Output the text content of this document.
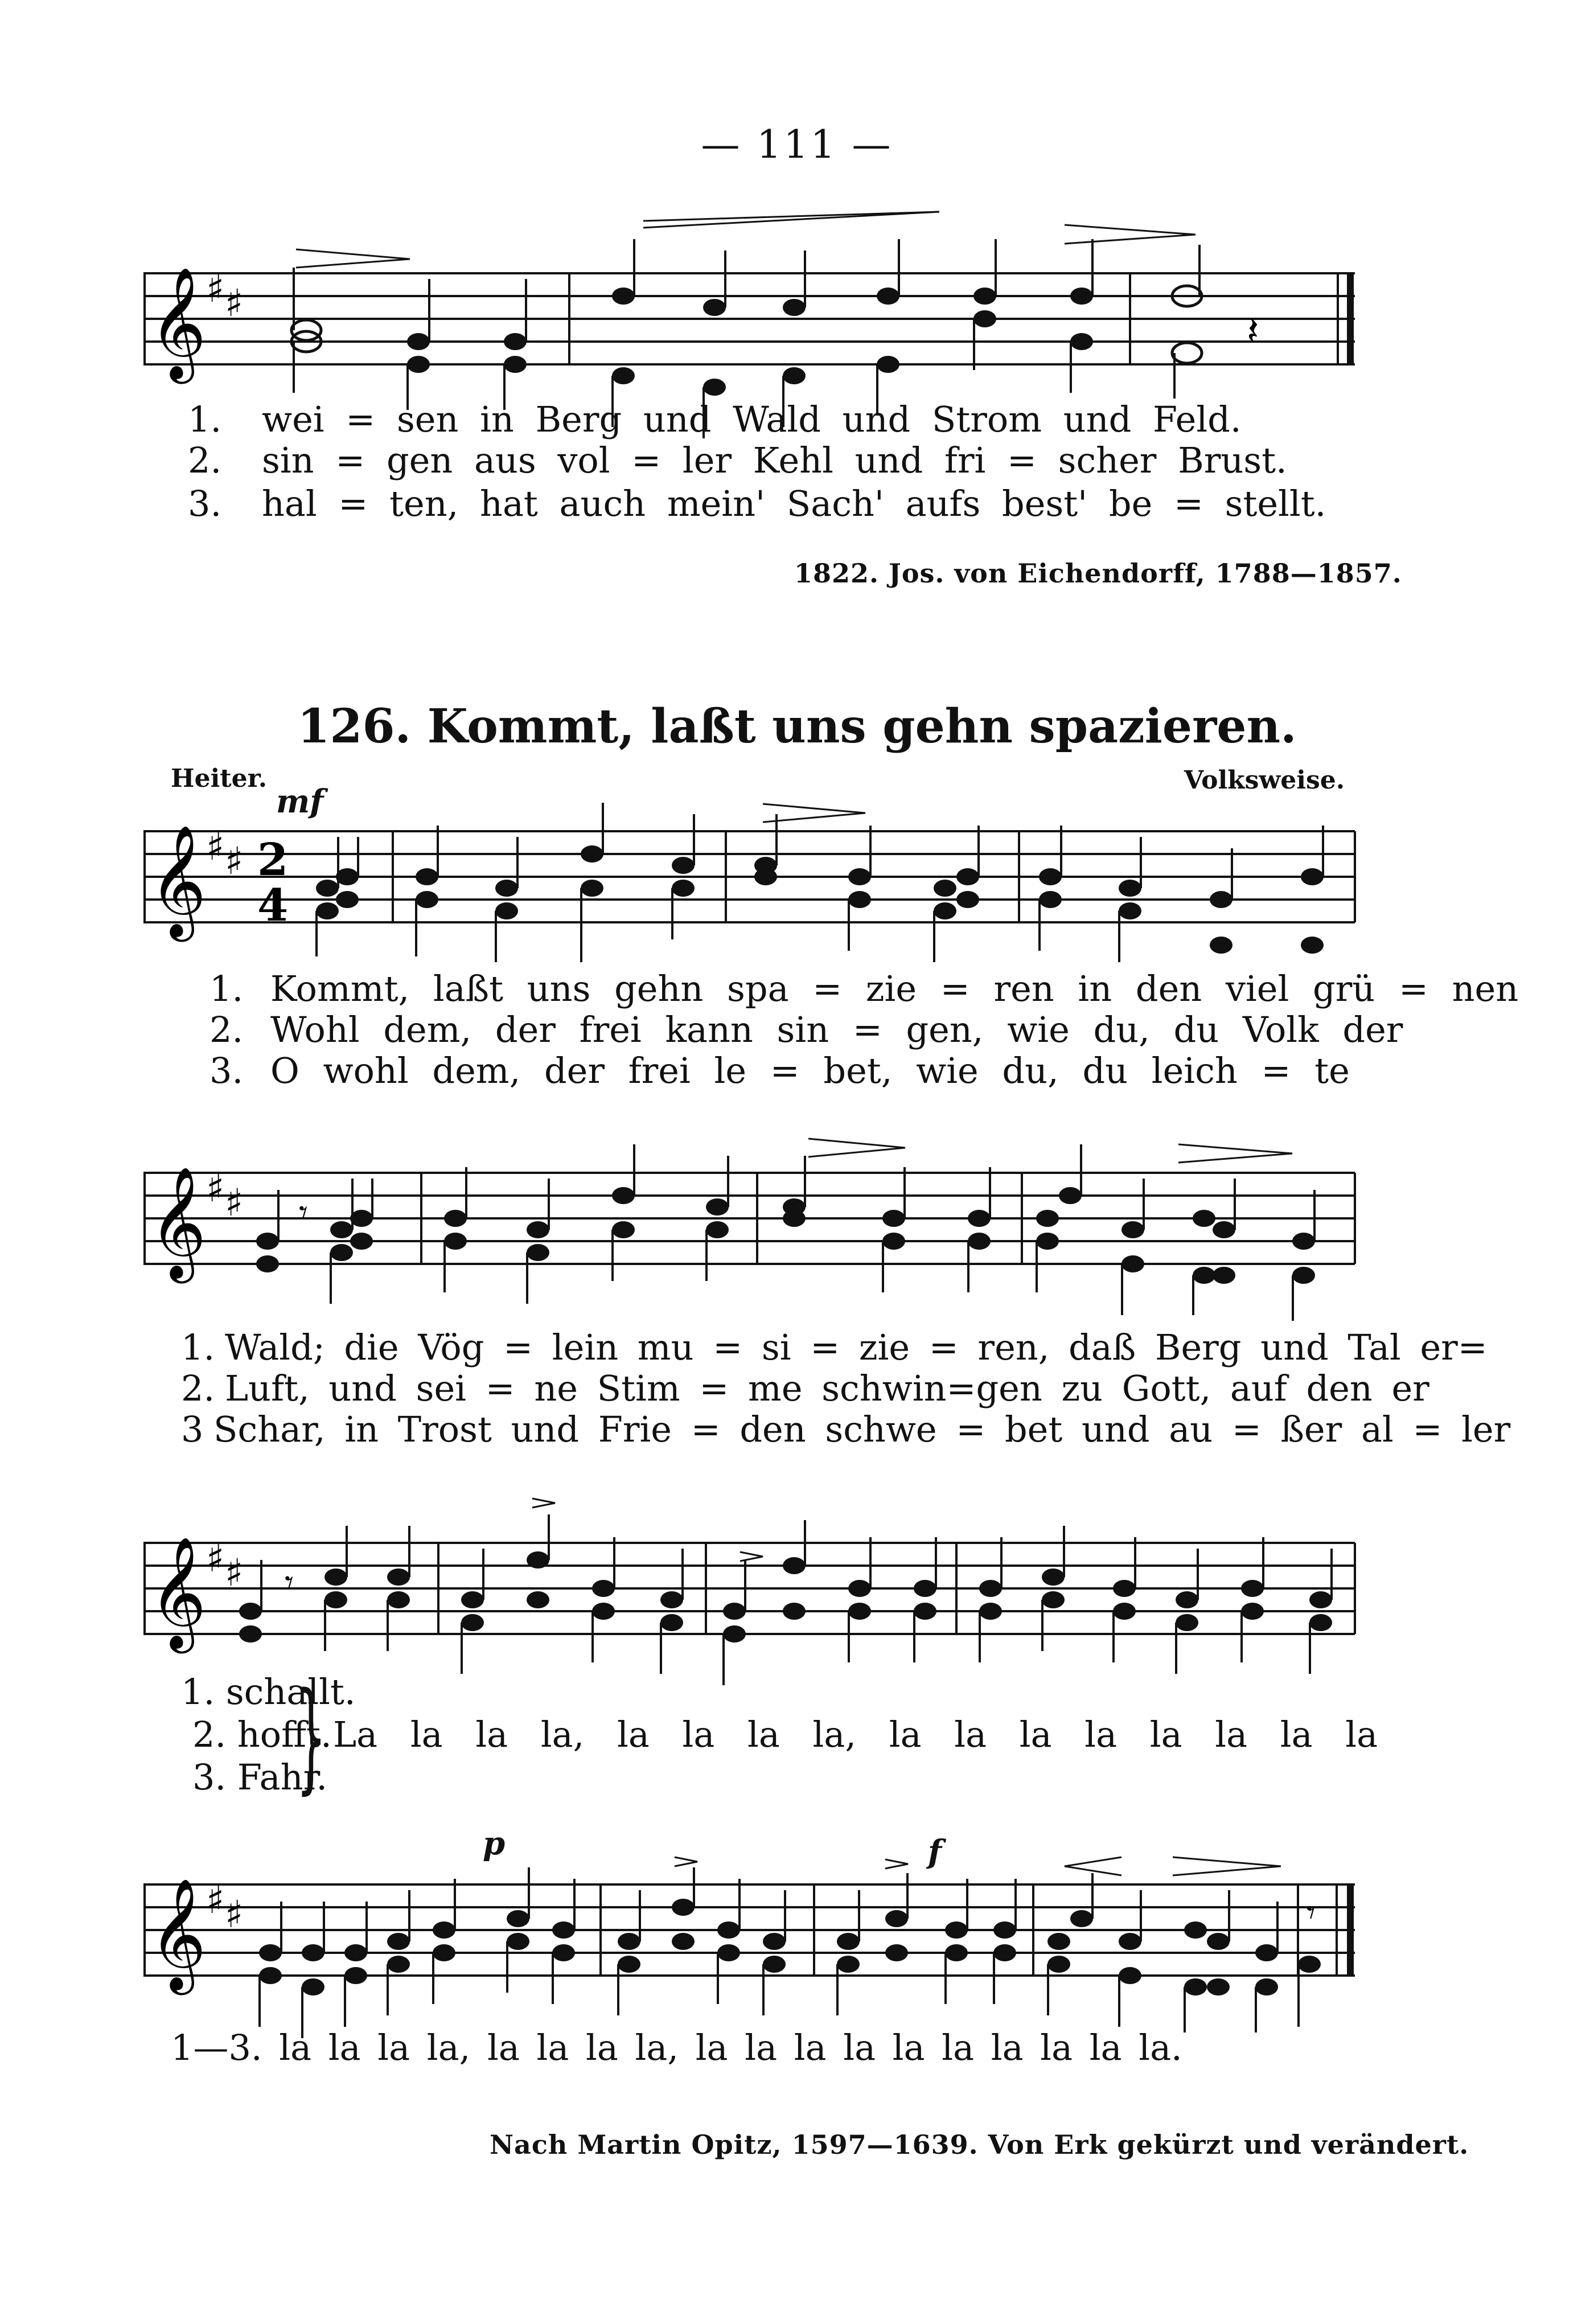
— 111 —
𝄞 ♯ ♯
𝄽
1. wei = sen in Berg und Wald und Strom und Feld.
2. sin = gen aus vol = ler Kehl und fri = scher Brust.
3. hal = ten, hat auch mein' Sach' aufs best' be = stellt.
1822. Jos. von Eichendorff, 1788—1857.
126. Kommt, laßt uns gehn spazieren.
Heiter.	Volksweise.
mf
𝄞 ♯ ♯ 2
4
1. Kommt, laßt uns gehn spa = zie = ren in den viel grü = nen
2. Wohl dem, der frei kann sin = gen, wie du, du Volk der
3. O wohl dem, der frei le = bet, wie du, du leich = te
𝄞 ♯ ♯ 𝄾
1. Wald; die Vög = lein mu = si = zie = ren, daß Berg und Tal er=
2. Luft, und sei = ne Stim = me schwin=gen zu Gott, auf den er
3 Schar, in Trost und Frie = den schwe = bet und au = ßer al = ler
𝄞 ♯ ♯ 𝄾
1. schallt.
2. hofft.
3. Fahr.
} La la la la, la la la la, la la la la la la la la
p	f
𝄞 ♯ ♯	𝄾
1—3. la la la la, la la la la, la la la la la la la la la la.
Nach Martin Opitz, 1597—1639. Von Erk gekürzt und verändert.
